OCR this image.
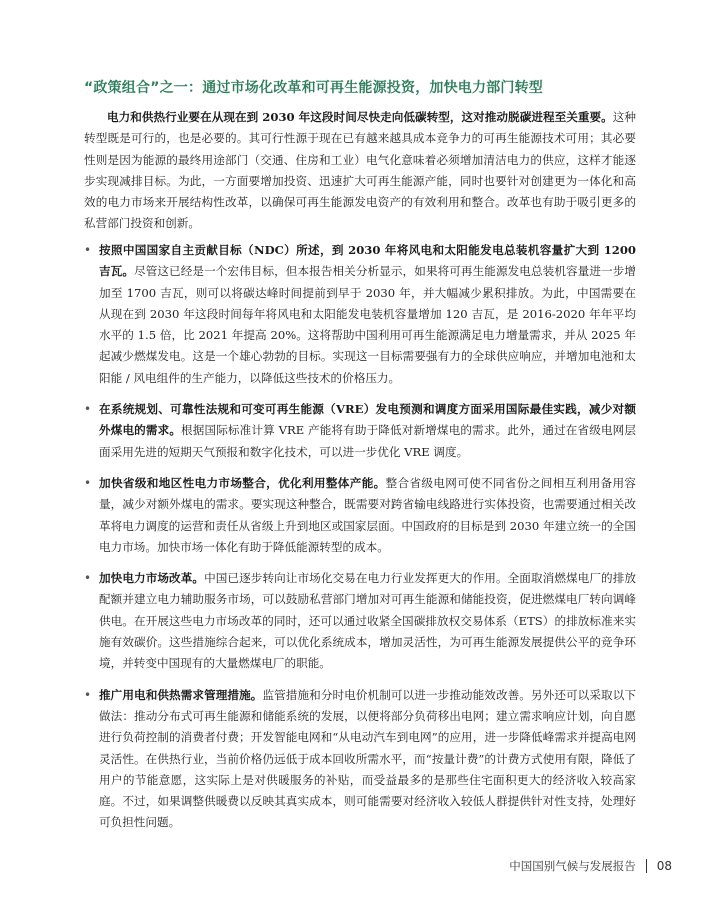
“政策组合”之一：通过市场化改革和可再生能源投资，加快电力部门转型

电力和供热行业要在从现在到 2030 年这段时间尽快走向低碳转型，这对推动脱碳进程至关重要。这种转型既是可行的，也是必要的。其可行性源于现在已有越来越具成本竞争力的可再生能源技术可用；其必要性则是因为能源的最终用途部门（交通、住房和工业）电气化意味着必须增加清洁电力的供应，这样才能逐步实现减排目标。为此，一方面要增加投资、迅速扩大可再生能源产能，同时也要针对创建更为一体化和高效的电力市场来开展结构性改革，以确保可再生能源发电资产的有效利用和整合。改革也有助于吸引更多的私营部门投资和创新。

• 按照中国国家自主贡献目标（NDC）所述，到 2030 年将风电和太阳能发电总装机容量扩大到 1200 吉瓦。尽管这已经是一个宏伟目标，但本报告相关分析显示，如果将可再生能源发电总装机容量进一步增加至 1700 吉瓦，则可以将碳达峰时间提前到早于 2030 年，并大幅减少累积排放。为此，中国需要在从现在到 2030 年这段时间每年将风电和太阳能发电装机容量增加 120 吉瓦，是 2016-2020 年年平均水平的 1.5 倍，比 2021 年提高 20%。这将帮助中国利用可再生能源满足电力增量需求，并从 2025 年起减少燃煤发电。这是一个雄心勃勃的目标。实现这一目标需要强有力的全球供应响应，并增加电池和太阳能 / 风电组件的生产能力，以降低这些技术的价格压力。
• 在系统规划、可靠性法规和可变可再生能源（VRE）发电预测和调度方面采用国际最佳实践，减少对额外煤电的需求。根据国际标准计算 VRE 产能将有助于降低对新增煤电的需求。此外，通过在省级电网层面采用先进的短期天气预报和数字化技术，可以进一步优化 VRE 调度。
• 加快省级和地区性电力市场整合，优化利用整体产能。整合省级电网可使不同省份之间相互利用备用容量，减少对额外煤电的需求。要实现这种整合，既需要对跨省输电线路进行实体投资，也需要通过相关改革将电力调度的运营和责任从省级上升到地区或国家层面。中国政府的目标是到 2030 年建立统一的全国电力市场。加快市场一体化有助于降低能源转型的成本。
• 加快电力市场改革。中国已逐步转向让市场化交易在电力行业发挥更大的作用。全面取消燃煤电厂的排放配额并建立电力辅助服务市场，可以鼓励私营部门增加对可再生能源和储能投资，促进燃煤电厂转向调峰供电。在开展这些电力市场改革的同时，还可以通过收紧全国碳排放权交易体系（ETS）的排放标准来实施有效碳价。这些措施综合起来，可以优化系统成本，增加灵活性，为可再生能源发展提供公平的竞争环境，并转变中国现有的大量燃煤电厂的职能。
• 推广用电和供热需求管理措施。监管措施和分时电价机制可以进一步推动能效改善。另外还可以采取以下做法：推动分布式可再生能源和储能系统的发展，以便将部分负荷移出电网；建立需求响应计划，向自愿进行负荷控制的消费者付费；开发智能电网和“从电动汽车到电网”的应用，进一步降低峰需求并提高电网灵活性。在供热行业，当前价格仍远低于成本回收所需水平，而“按量计费”的计费方式使用有限，降低了用户的节能意愿，这实际上是对供暖服务的补贴，而受益最多的是那些住宅面积更大的经济收入较高家庭。不过，如果调整供暖费以反映其真实成本，则可能需要对经济收入较低人群提供针对性支持，处理好可负担性问题。
中国国别气候与发展报告 08
